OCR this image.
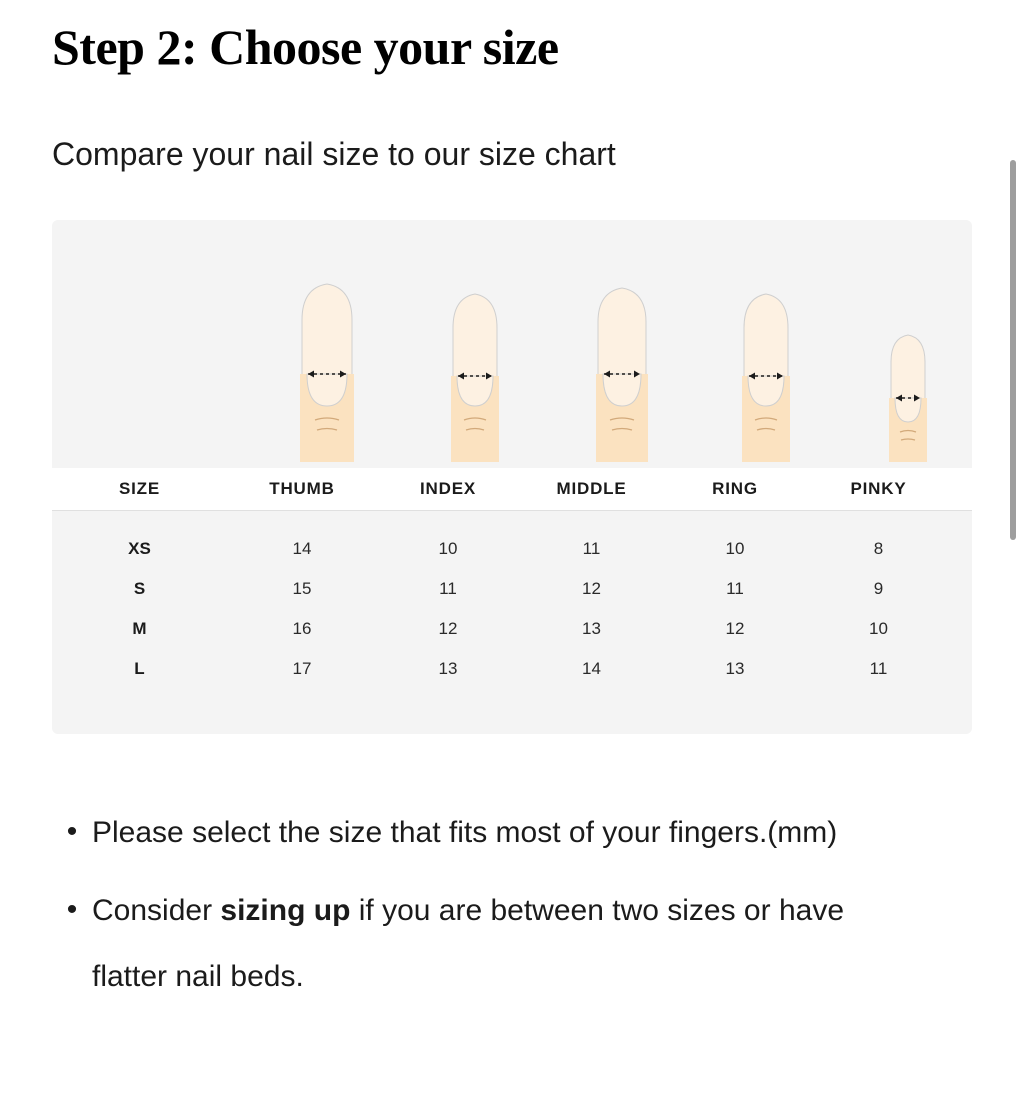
Step 2: Choose your size
Compare your nail size to our size chart
SIZE	THUMB	INDEX	MIDDLE	RING	PINKY
XS	14	10	11	10	8
S	15	11	12	11	9
M	16	12	13	12	10
L	17	13	14	13	11
• Please select the size that fits most of your fingers.(mm)
• Consider sizing up if you are between two sizes or have flatter nail beds.
